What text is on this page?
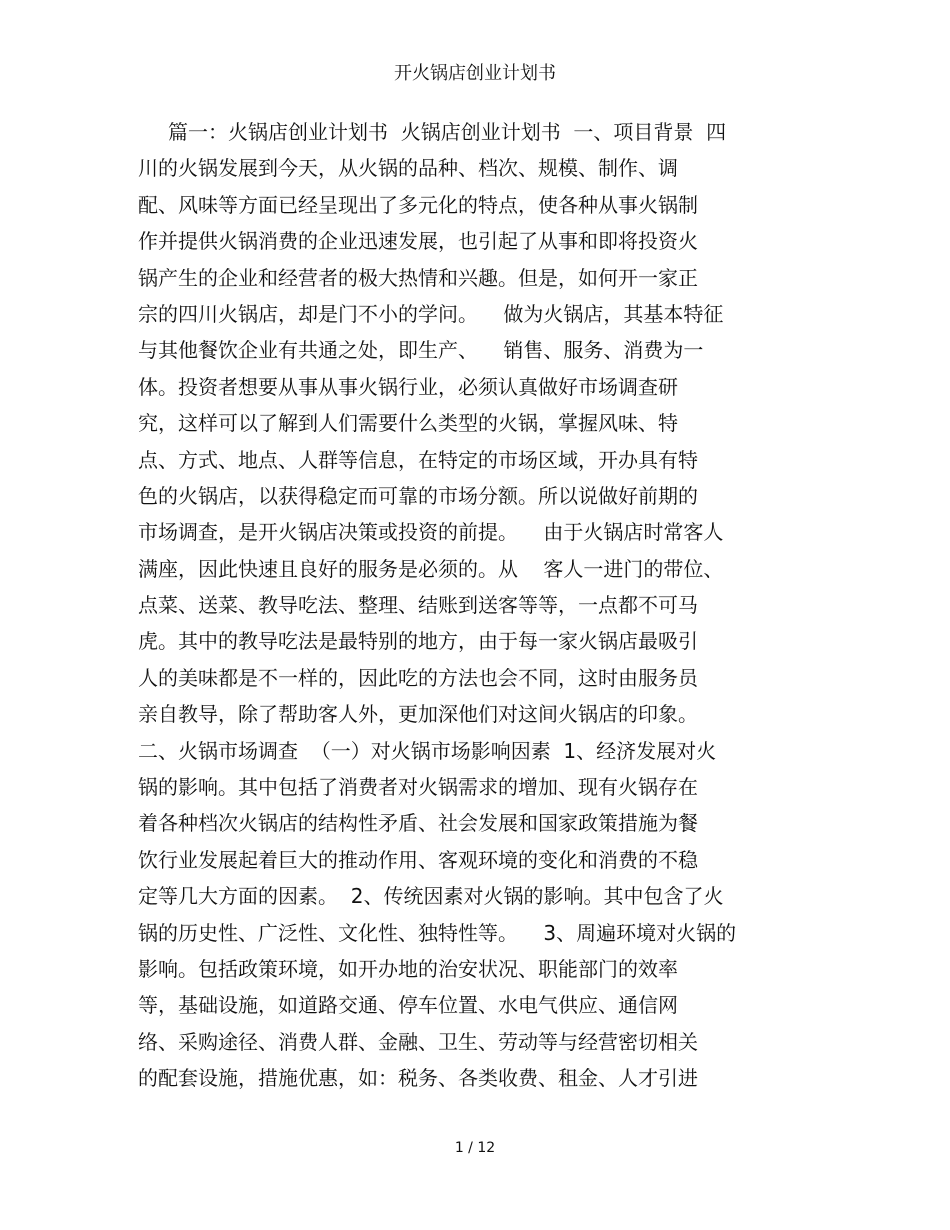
开火锅店创业计划书
篇一：火锅店创业计划书  火锅店创业计划书  一、项目背景  四
川的火锅发展到今天，从火锅的品种、档次、规模、制作、调
配、风味等方面已经呈现出了多元化的特点，使各种从事火锅制
作并提供火锅消费的企业迅速发展，也引起了从事和即将投资火
锅产生的企业和经营者的极大热情和兴趣。但是，如何开一家正
宗的四川火锅店，却是门不小的学问。    做为火锅店，其基本特征
与其他餐饮企业有共通之处，即生产、    销售、服务、消费为一
体。投资者想要从事从事火锅行业，必须认真做好市场调查研
究，这样可以了解到人们需要什么类型的火锅，掌握风味、特
点、方式、地点、人群等信息，在特定的市场区域，开办具有特
色的火锅店，以获得稳定而可靠的市场分额。所以说做好前期的
市场调查，是开火锅店决策或投资的前提。    由于火锅店时常客人
满座，因此快速且良好的服务是必须的。从    客人一进门的带位、
点菜、送菜、教导吃法、整理、结账到送客等等，一点都不可马
虎。其中的教导吃法是最特别的地方，由于每一家火锅店最吸引
人的美味都是不一样的，因此吃的方法也会不同，这时由服务员
亲自教导，除了帮助客人外，更加深他们对这间火锅店的印象。
二、火锅市场调查  （一）对火锅市场影响因素  1、经济发展对火
锅的影响。其中包括了消费者对火锅需求的增加、现有火锅存在
着各种档次火锅店的结构性矛盾、社会发展和国家政策措施为餐
饮行业发展起着巨大的推动作用、客观环境的变化和消费的不稳
定等几大方面的因素。  2、传统因素对火锅的影响。其中包含了火
锅的历史性、广泛性、文化性、独特性等。    3、周遍环境对火锅的
影响。包括政策环境，如开办地的治安状况、职能部门的效率
等，基础设施，如道路交通、停车位置、水电气供应、通信网
络、采购途径、消费人群、金融、卫生、劳动等与经营密切相关
的配套设施，措施优惠，如：税务、各类收费、租金、人才引进
1 / 12
